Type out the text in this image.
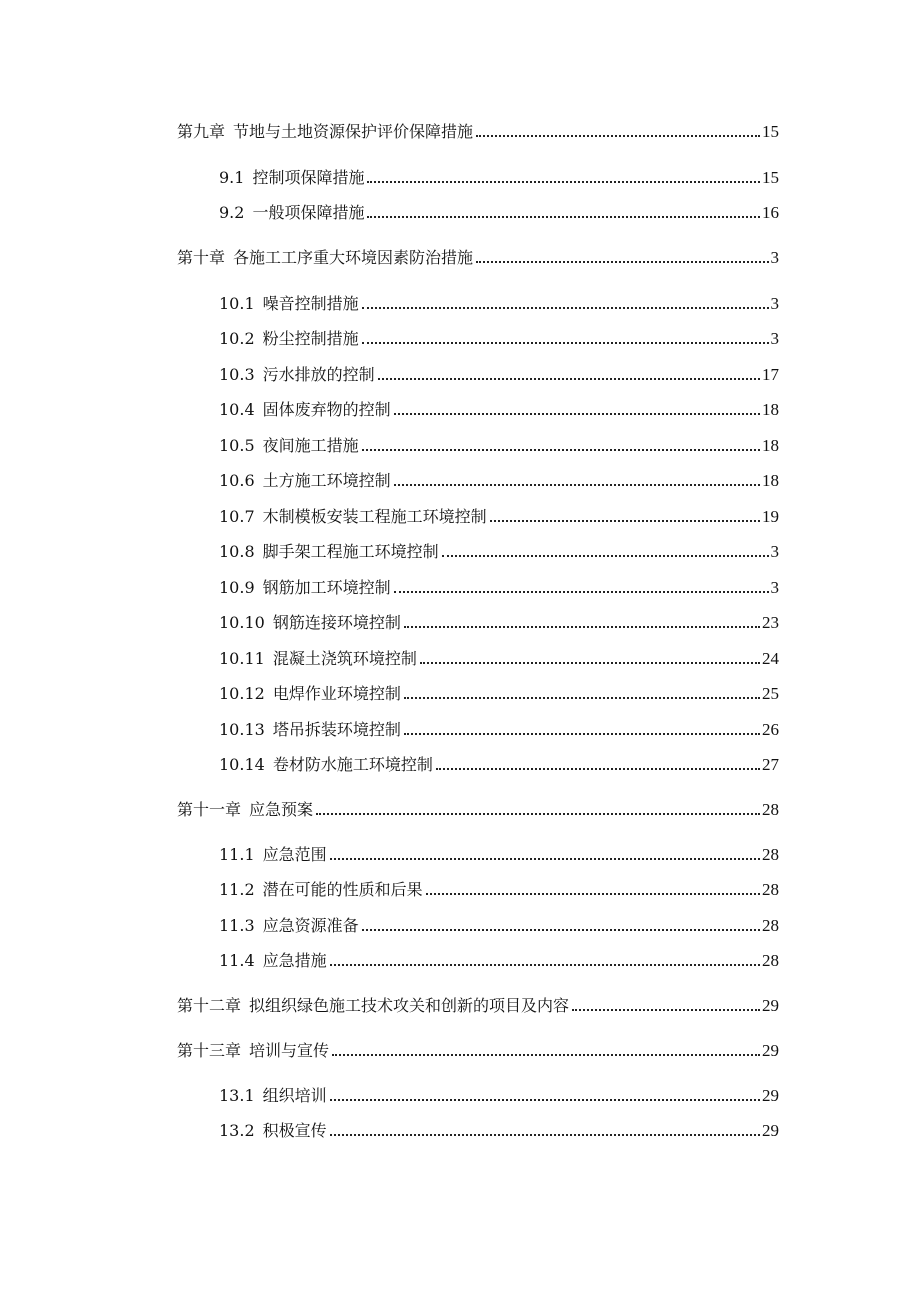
第九章 节地与土地资源保护评价保障措施	15
9.1 控制项保障措施	15
9.2 一般项保障措施	16
第十章 各施工工序重大环境因素防治措施	3
10.1 噪音控制措施	3
10.2 粉尘控制措施	3
10.3 污水排放的控制	17
10.4 固体废弃物的控制	18
10.5 夜间施工措施	18
10.6 土方施工环境控制	18
10.7 木制模板安装工程施工环境控制	19
10.8 脚手架工程施工环境控制	3
10.9 钢筋加工环境控制	3
10.10 钢筋连接环境控制	23
10.11 混凝土浇筑环境控制	24
10.12 电焊作业环境控制	25
10.13 塔吊拆装环境控制	26
10.14 卷材防水施工环境控制	27
第十一章 应急预案	28
11.1 应急范围	28
11.2 潜在可能的性质和后果	28
11.3 应急资源准备	28
11.4 应急措施	28
第十二章 拟组织绿色施工技术攻关和创新的项目及内容	29
第十三章 培训与宣传	29
13.1 组织培训	29
13.2 积极宣传	29
